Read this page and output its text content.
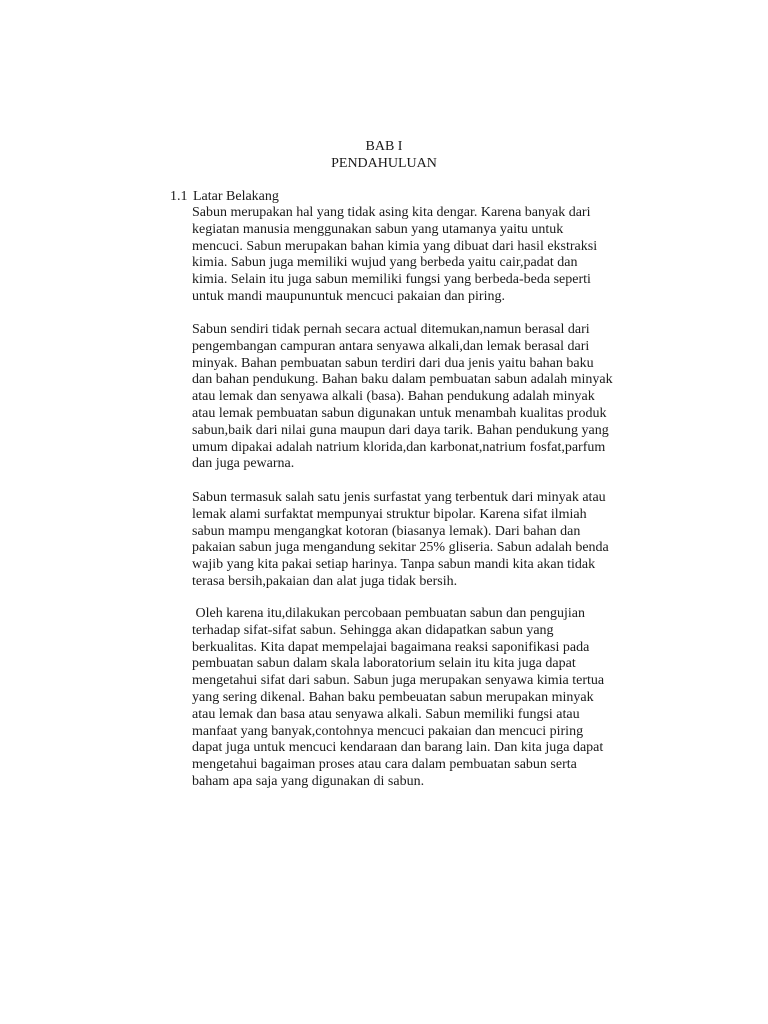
BAB I
PENDAHULUAN
1.1 Latar Belakang
Sabun merupakan hal yang tidak asing kita dengar. Karena banyak dari
kegiatan manusia menggunakan sabun yang utamanya yaitu untuk
mencuci. Sabun merupakan bahan kimia yang dibuat dari hasil ekstraksi
kimia. Sabun juga memiliki wujud yang berbeda yaitu cair,padat dan
kimia. Selain itu juga sabun memiliki fungsi yang berbeda-beda seperti
untuk mandi maupununtuk mencuci pakaian dan piring.
Sabun sendiri tidak pernah secara actual ditemukan,namun berasal dari
pengembangan campuran antara senyawa alkali,dan lemak berasal dari
minyak. Bahan pembuatan sabun terdiri dari dua jenis yaitu bahan baku
dan bahan pendukung. Bahan baku dalam pembuatan sabun adalah minyak
atau lemak dan senyawa alkali (basa). Bahan pendukung adalah minyak
atau lemak pembuatan sabun digunakan untuk menambah kualitas produk
sabun,baik dari nilai guna maupun dari daya tarik. Bahan pendukung yang
umum dipakai adalah natrium klorida,dan karbonat,natrium fosfat,parfum
dan juga pewarna.
Sabun termasuk salah satu jenis surfastat yang terbentuk dari minyak atau
lemak alami surfaktat mempunyai struktur bipolar. Karena sifat ilmiah
sabun mampu mengangkat kotoran (biasanya lemak). Dari bahan dan
pakaian sabun juga mengandung sekitar 25% gliseria. Sabun adalah benda
wajib yang kita pakai setiap harinya. Tanpa sabun mandi kita akan tidak
terasa bersih,pakaian dan alat juga tidak bersih.
Oleh karena itu,dilakukan percobaan pembuatan sabun dan pengujian
terhadap sifat-sifat sabun. Sehingga akan didapatkan sabun yang
berkualitas. Kita dapat mempelajai bagaimana reaksi saponifikasi pada
pembuatan sabun dalam skala laboratorium selain itu kita juga dapat
mengetahui sifat dari sabun. Sabun juga merupakan senyawa kimia tertua
yang sering dikenal. Bahan baku pembeuatan sabun merupakan minyak
atau lemak dan basa atau senyawa alkali. Sabun memiliki fungsi atau
manfaat yang banyak,contohnya mencuci pakaian dan mencuci piring
dapat juga untuk mencuci kendaraan dan barang lain. Dan kita juga dapat
mengetahui bagaiman proses atau cara dalam pembuatan sabun serta
baham apa saja yang digunakan di sabun.
